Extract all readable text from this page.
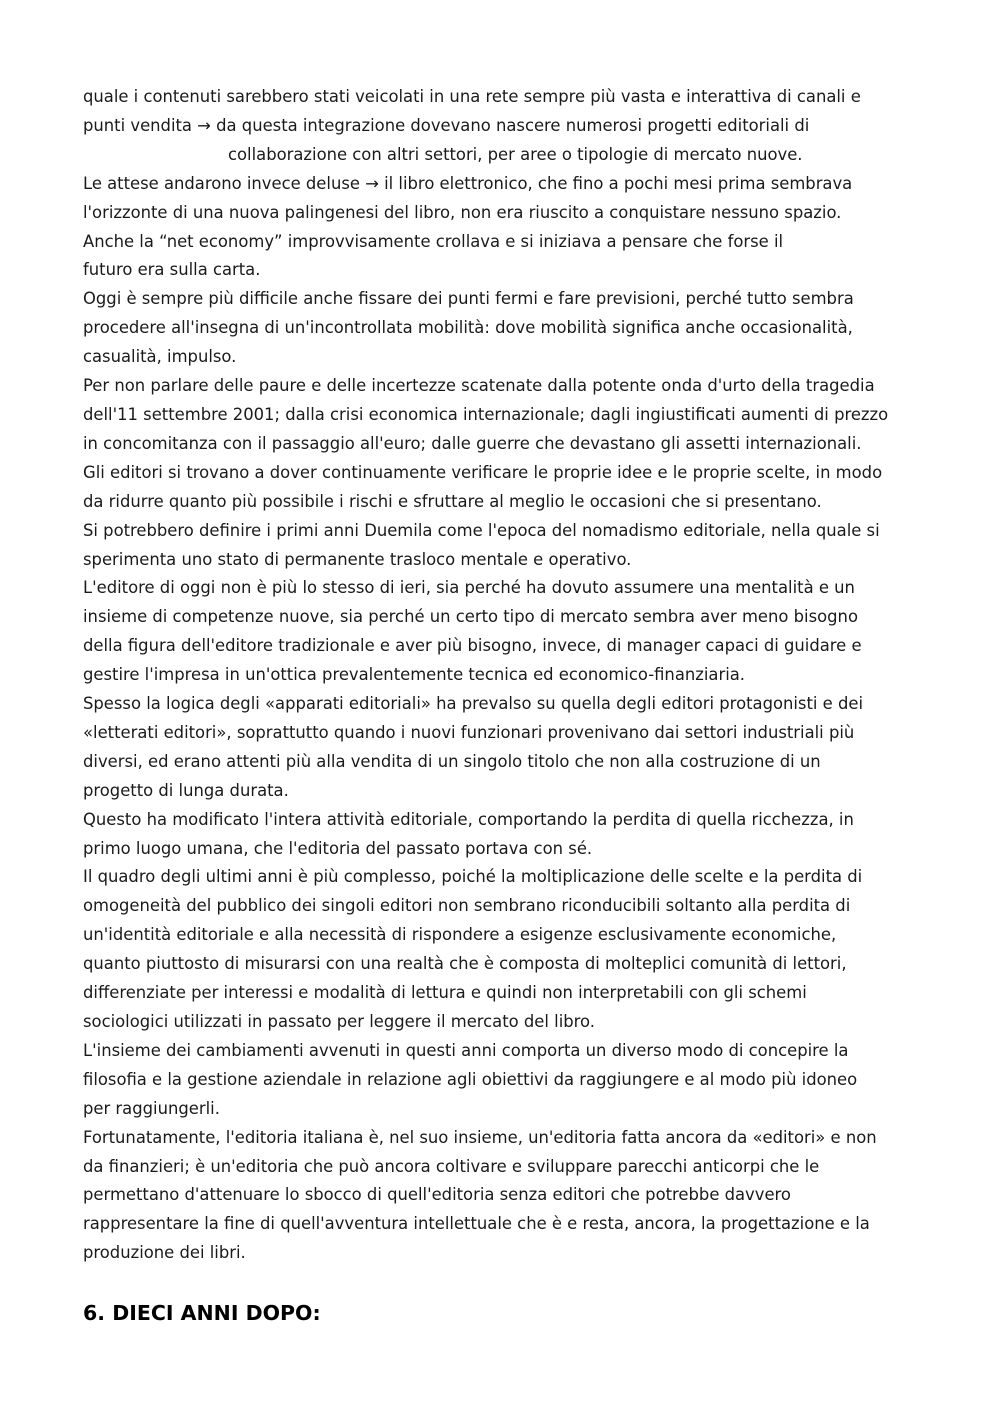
quale i contenuti sarebbero stati veicolati in una rete sempre più vasta e interattiva di canali e
punti vendita → da questa integrazione dovevano nascere numerosi progetti editoriali di
collaborazione con altri settori, per aree o tipologie di mercato nuove.
Le attese andarono invece deluse → il libro elettronico, che fino a pochi mesi prima sembrava
l'orizzonte di una nuova palingenesi del libro, non era riuscito a conquistare nessuno spazio.
Anche la “net economy” improvvisamente crollava e si iniziava a pensare che forse il
futuro era sulla carta.
Oggi è sempre più difficile anche fissare dei punti fermi e fare previsioni, perché tutto sembra
procedere all'insegna di un'incontrollata mobilità: dove mobilità significa anche occasionalità,
casualità, impulso.
Per non parlare delle paure e delle incertezze scatenate dalla potente onda d'urto della tragedia
dell'11 settembre 2001; dalla crisi economica internazionale; dagli ingiustificati aumenti di prezzo
in concomitanza con il passaggio all'euro; dalle guerre che devastano gli assetti internazionali.
Gli editori si trovano a dover continuamente verificare le proprie idee e le proprie scelte, in modo
da ridurre quanto più possibile i rischi e sfruttare al meglio le occasioni che si presentano.
Si potrebbero definire i primi anni Duemila come l'epoca del nomadismo editoriale, nella quale si
sperimenta uno stato di permanente trasloco mentale e operativo.
L'editore di oggi non è più lo stesso di ieri, sia perché ha dovuto assumere una mentalità e un
insieme di competenze nuove, sia perché un certo tipo di mercato sembra aver meno bisogno
della figura dell'editore tradizionale e aver più bisogno, invece, di manager capaci di guidare e
gestire l'impresa in un'ottica prevalentemente tecnica ed economico-finanziaria.
Spesso la logica degli «apparati editoriali» ha prevalso su quella degli editori protagonisti e dei
«letterati editori», soprattutto quando i nuovi funzionari provenivano dai settori industriali più
diversi, ed erano attenti più alla vendita di un singolo titolo che non alla costruzione di un
progetto di lunga durata.
Questo ha modificato l'intera attività editoriale, comportando la perdita di quella ricchezza, in
primo luogo umana, che l'editoria del passato portava con sé.
Il quadro degli ultimi anni è più complesso, poiché la moltiplicazione delle scelte e la perdita di
omogeneità del pubblico dei singoli editori non sembrano riconducibili soltanto alla perdita di
un'identità editoriale e alla necessità di rispondere a esigenze esclusivamente economiche,
quanto piuttosto di misurarsi con una realtà che è composta di molteplici comunità di lettori,
differenziate per interessi e modalità di lettura e quindi non interpretabili con gli schemi
sociologici utilizzati in passato per leggere il mercato del libro.
L'insieme dei cambiamenti avvenuti in questi anni comporta un diverso modo di concepire la
filosofia e la gestione aziendale in relazione agli obiettivi da raggiungere e al modo più idoneo
per raggiungerli.
Fortunatamente, l'editoria italiana è, nel suo insieme, un'editoria fatta ancora da «editori» e non
da finanzieri; è un'editoria che può ancora coltivare e sviluppare parecchi anticorpi che le
permettano d'attenuare lo sbocco di quell'editoria senza editori che potrebbe davvero
rappresentare la fine di quell'avventura intellettuale che è e resta, ancora, la progettazione e la
produzione dei libri.
6. DIECI ANNI DOPO:
